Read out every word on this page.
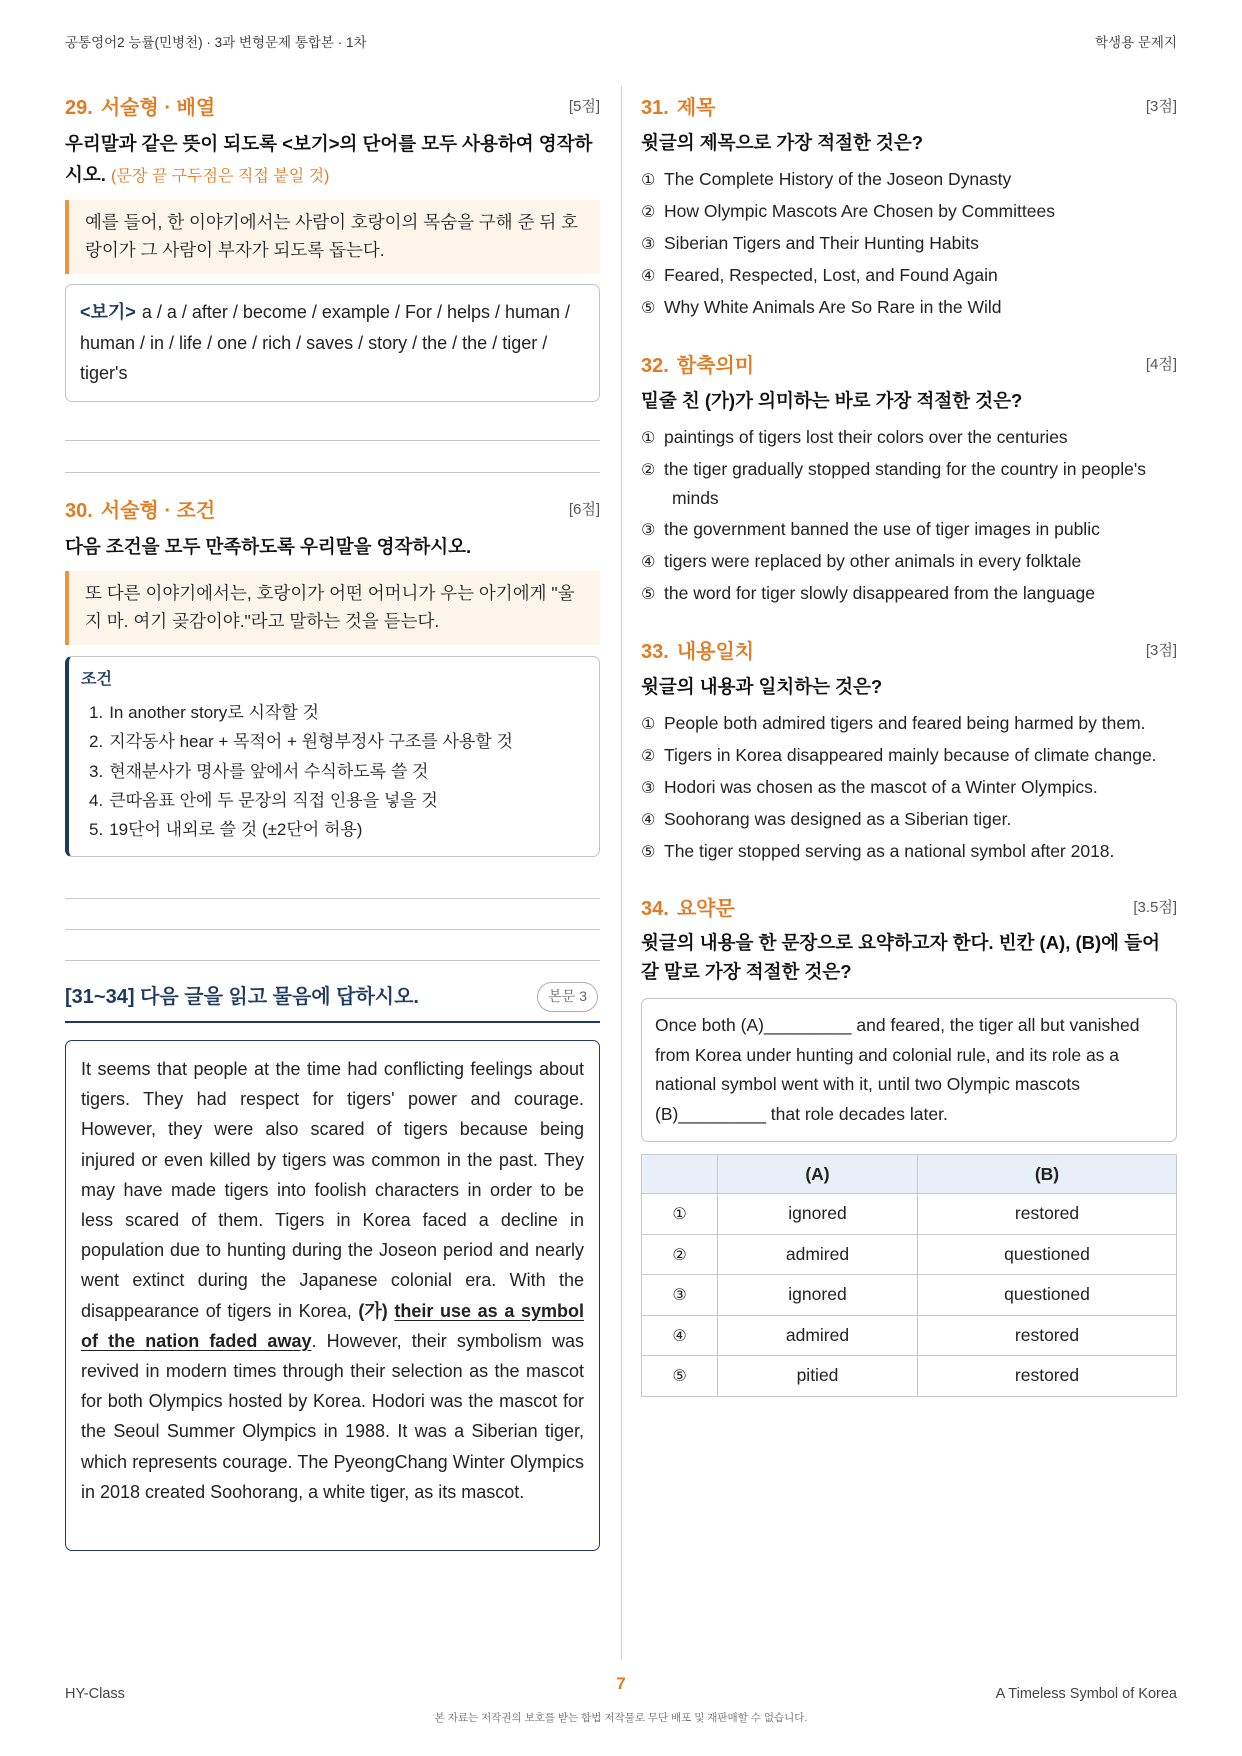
공통영어2 능률(민병천) · 3과 변형문제 통합본 · 1차	학생용 문제지
29. 서술형 · 배열	[5점]

우리말과 같은 뜻이 되도록 <보기>의 단어를 모두 사용하여 영작하시오. (문장 끝 구두점은 직접 붙일 것)

예를 들어, 한 이야기에서는 사람이 호랑이의 목숨을 구해 준 뒤 호랑이가 그 사람이 부자가 되도록 돕는다.
<보기> a / a / after / become / example / For / helps / human / human / in / life / one / rich / saves / story / the / the / tiger / tiger's
30. 서술형 · 조건	[6점]

다음 조건을 모두 만족하도록 우리말을 영작하시오.

또 다른 이야기에서는, 호랑이가 어떤 어머니가 우는 아기에게 "울지 마. 여기 곶감이야."라고 말하는 것을 듣는다.
조건
1. In another story로 시작할 것
2. 지각동사 hear + 목적어 + 원형부정사 구조를 사용할 것
3. 현재분사가 명사를 앞에서 수식하도록 쓸 것
4. 큰따옴표 안에 두 문장의 직접 인용을 넣을 것
5. 19단어 내외로 쓸 것 (±2단어 허용)
[31~34] 다음 글을 읽고 물음에 답하시오.	본문 3

It seems that people at the time had conflicting feelings about tigers. They had respect for tigers' power and courage. However, they were also scared of tigers because being injured or even killed by tigers was common in the past. They may have made tigers into foolish characters in order to be less scared of them. Tigers in Korea faced a decline in population due to hunting during the Joseon period and nearly went extinct during the Japanese colonial era. With the disappearance of tigers in Korea, (가) their use as a symbol of the nation faded away. However, their symbolism was revived in modern times through their selection as the mascot for both Olympics hosted by Korea. Hodori was the mascot for the Seoul Summer Olympics in 1988. It was a Siberian tiger, which represents courage. The PyeongChang Winter Olympics in 2018 created Soohorang, a white tiger, as its mascot.

31. 제목	[3점]

윗글의 제목으로 가장 적절한 것은?

① The Complete History of the Joseon Dynasty
② How Olympic Mascots Are Chosen by Committees
③ Siberian Tigers and Their Hunting Habits
④ Feared, Respected, Lost, and Found Again
⑤ Why White Animals Are So Rare in the Wild
32. 함축의미	[4점]

밑줄 친 (가)가 의미하는 바로 가장 적절한 것은?

① paintings of tigers lost their colors over the centuries
② the tiger gradually stopped standing for the country in people's minds
③ the government banned the use of tiger images in public
④ tigers were replaced by other animals in every folktale
⑤ the word for tiger slowly disappeared from the language
33. 내용일치	[3점]

윗글의 내용과 일치하는 것은?

① People both admired tigers and feared being harmed by them.
② Tigers in Korea disappeared mainly because of climate change.
③ Hodori was chosen as the mascot of a Winter Olympics.
④ Soohorang was designed as a Siberian tiger.
⑤ The tiger stopped serving as a national symbol after 2018.
34. 요약문	[3.5점]

윗글의 내용을 한 문장으로 요약하고자 한다. 빈칸 (A), (B)에 들어갈 말로 가장 적절한 것은?

Once both (A)_________ and feared, the tiger all but vanished from Korea under hunting and colonial rule, and its role as a national symbol went with it, until two Olympic mascots (B)_________ that role decades later.
	(A)	(B)
①	ignored	restored
②	admired	questioned
③	ignored	questioned
④	admired	restored
⑤	pitied	restored
HY-Class
7
A Timeless Symbol of Korea
본 자료는 저작권의 보호를 받는 합법 저작물로 무단 배포 및 재판매할 수 없습니다.
